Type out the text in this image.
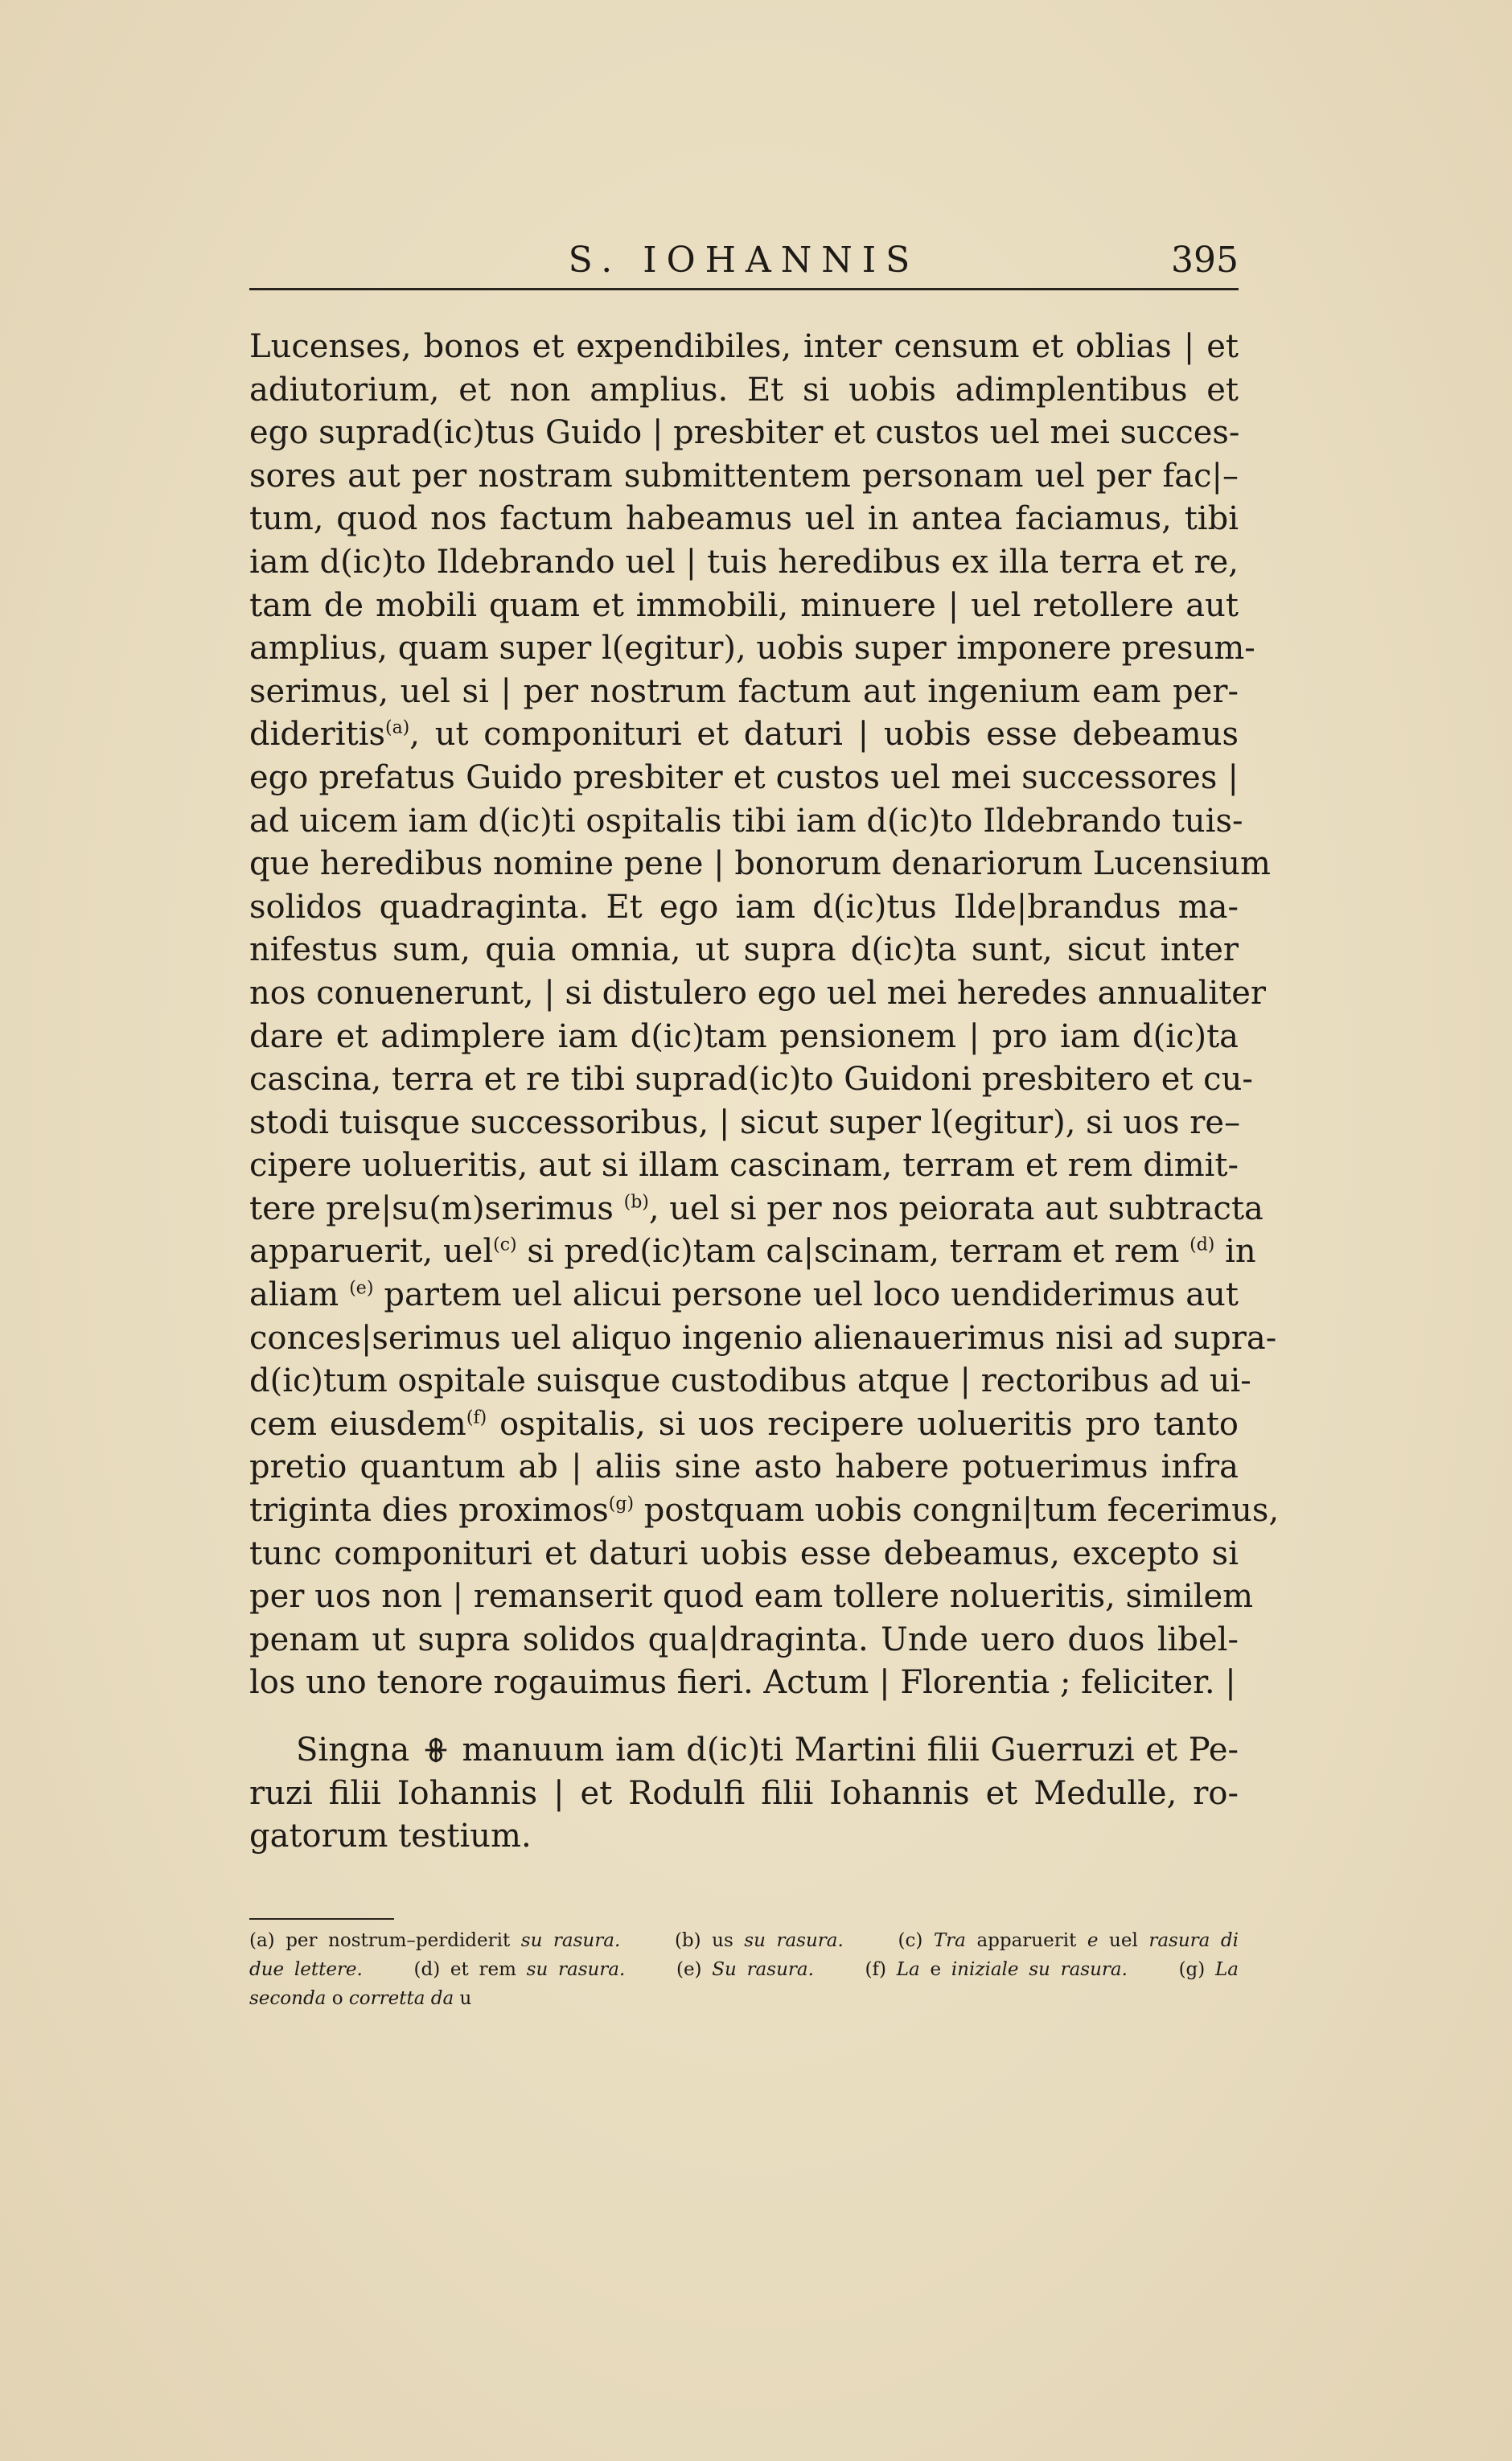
S. IOHANNIS	395
Lucenses, bonos et expendibiles, inter censum et oblias | et
adiutorium, et non amplius. Et si uobis adimplentibus et
ego suprad(ic)tus Guido | presbiter et custos uel mei succes-
sores aut per nostram submittentem personam uel per fac|–
tum, quod nos factum habeamus uel in antea faciamus, tibi
iam d(ic)to Ildebrando uel | tuis heredibus ex illa terra et re,
tam de mobili quam et immobili, minuere | uel retollere aut
amplius, quam super l(egitur), uobis super imponere presum-
serimus, uel si | per nostrum factum aut ingenium eam per-
dideritis$^{(a)}$, ut componituri et daturi | uobis esse debeamus
ego prefatus Guido presbiter et custos uel mei successores |
ad uicem iam d(ic)ti ospitalis tibi iam d(ic)to Ildebrando tuis-
que heredibus nomine pene | bonorum denariorum Lucensium
solidos quadraginta. Et ego iam d(ic)tus Ilde|brandus ma-
nifestus sum, quia omnia, ut supra d(ic)ta sunt, sicut inter
nos conuenerunt, | si distulero ego uel mei heredes annualiter
dare et adimplere iam d(ic)tam pensionem | pro iam d(ic)ta
cascina, terra et re tibi suprad(ic)to Guidoni presbitero et cu-
stodi tuisque successoribus, | sicut super l(egitur), si uos re–
cipere uolueritis, aut si illam cascinam, terram et rem dimit-
tere pre|su(m)serimus $^{(b)}$, uel si per nos peiorata aut subtracta
apparuerit, uel$^{(c)}$ si pred(ic)tam ca|scinam, terram et rem $^{(d)}$ in
aliam $^{(e)}$ partem uel alicui persone uel loco uendiderimus aut
conces|serimus uel aliquo ingenio alienauerimus nisi ad supra-
d(ic)tum ospitale suisque custodibus atque | rectoribus ad ui-
cem eiusdem$^{(f)}$ ospitalis, si uos recipere uolueritis pro tanto
pretio quantum ab | aliis sine asto habere potuerimus infra
triginta dies proximos$^{(g)}$ postquam uobis congni|tum fecerimus,
tunc componituri et daturi uobis esse debeamus, excepto si
per uos non | remanserit quod eam tollere nolueritis, similem
penam ut supra solidos qua|draginta. Unde uero duos libel-
los uno tenore rogauimus fieri. Actum | Florentia ; feliciter. |
Singna manuum iam d(ic)ti Martini filii Guerruzi et Pe-
ruzi filii Iohannis | et Rodulfi filii Iohannis et Medulle, ro-
gatorum testium.
(a) per nostrum–perdiderit su rasura.     (b) us su rasura.     (c) Tra apparuerit e uel rasura di
due lettere.     (d) et rem su rasura.     (e) Su rasura.     (f) La e iniziale su rasura.     (g) La
seconda o corretta da u
